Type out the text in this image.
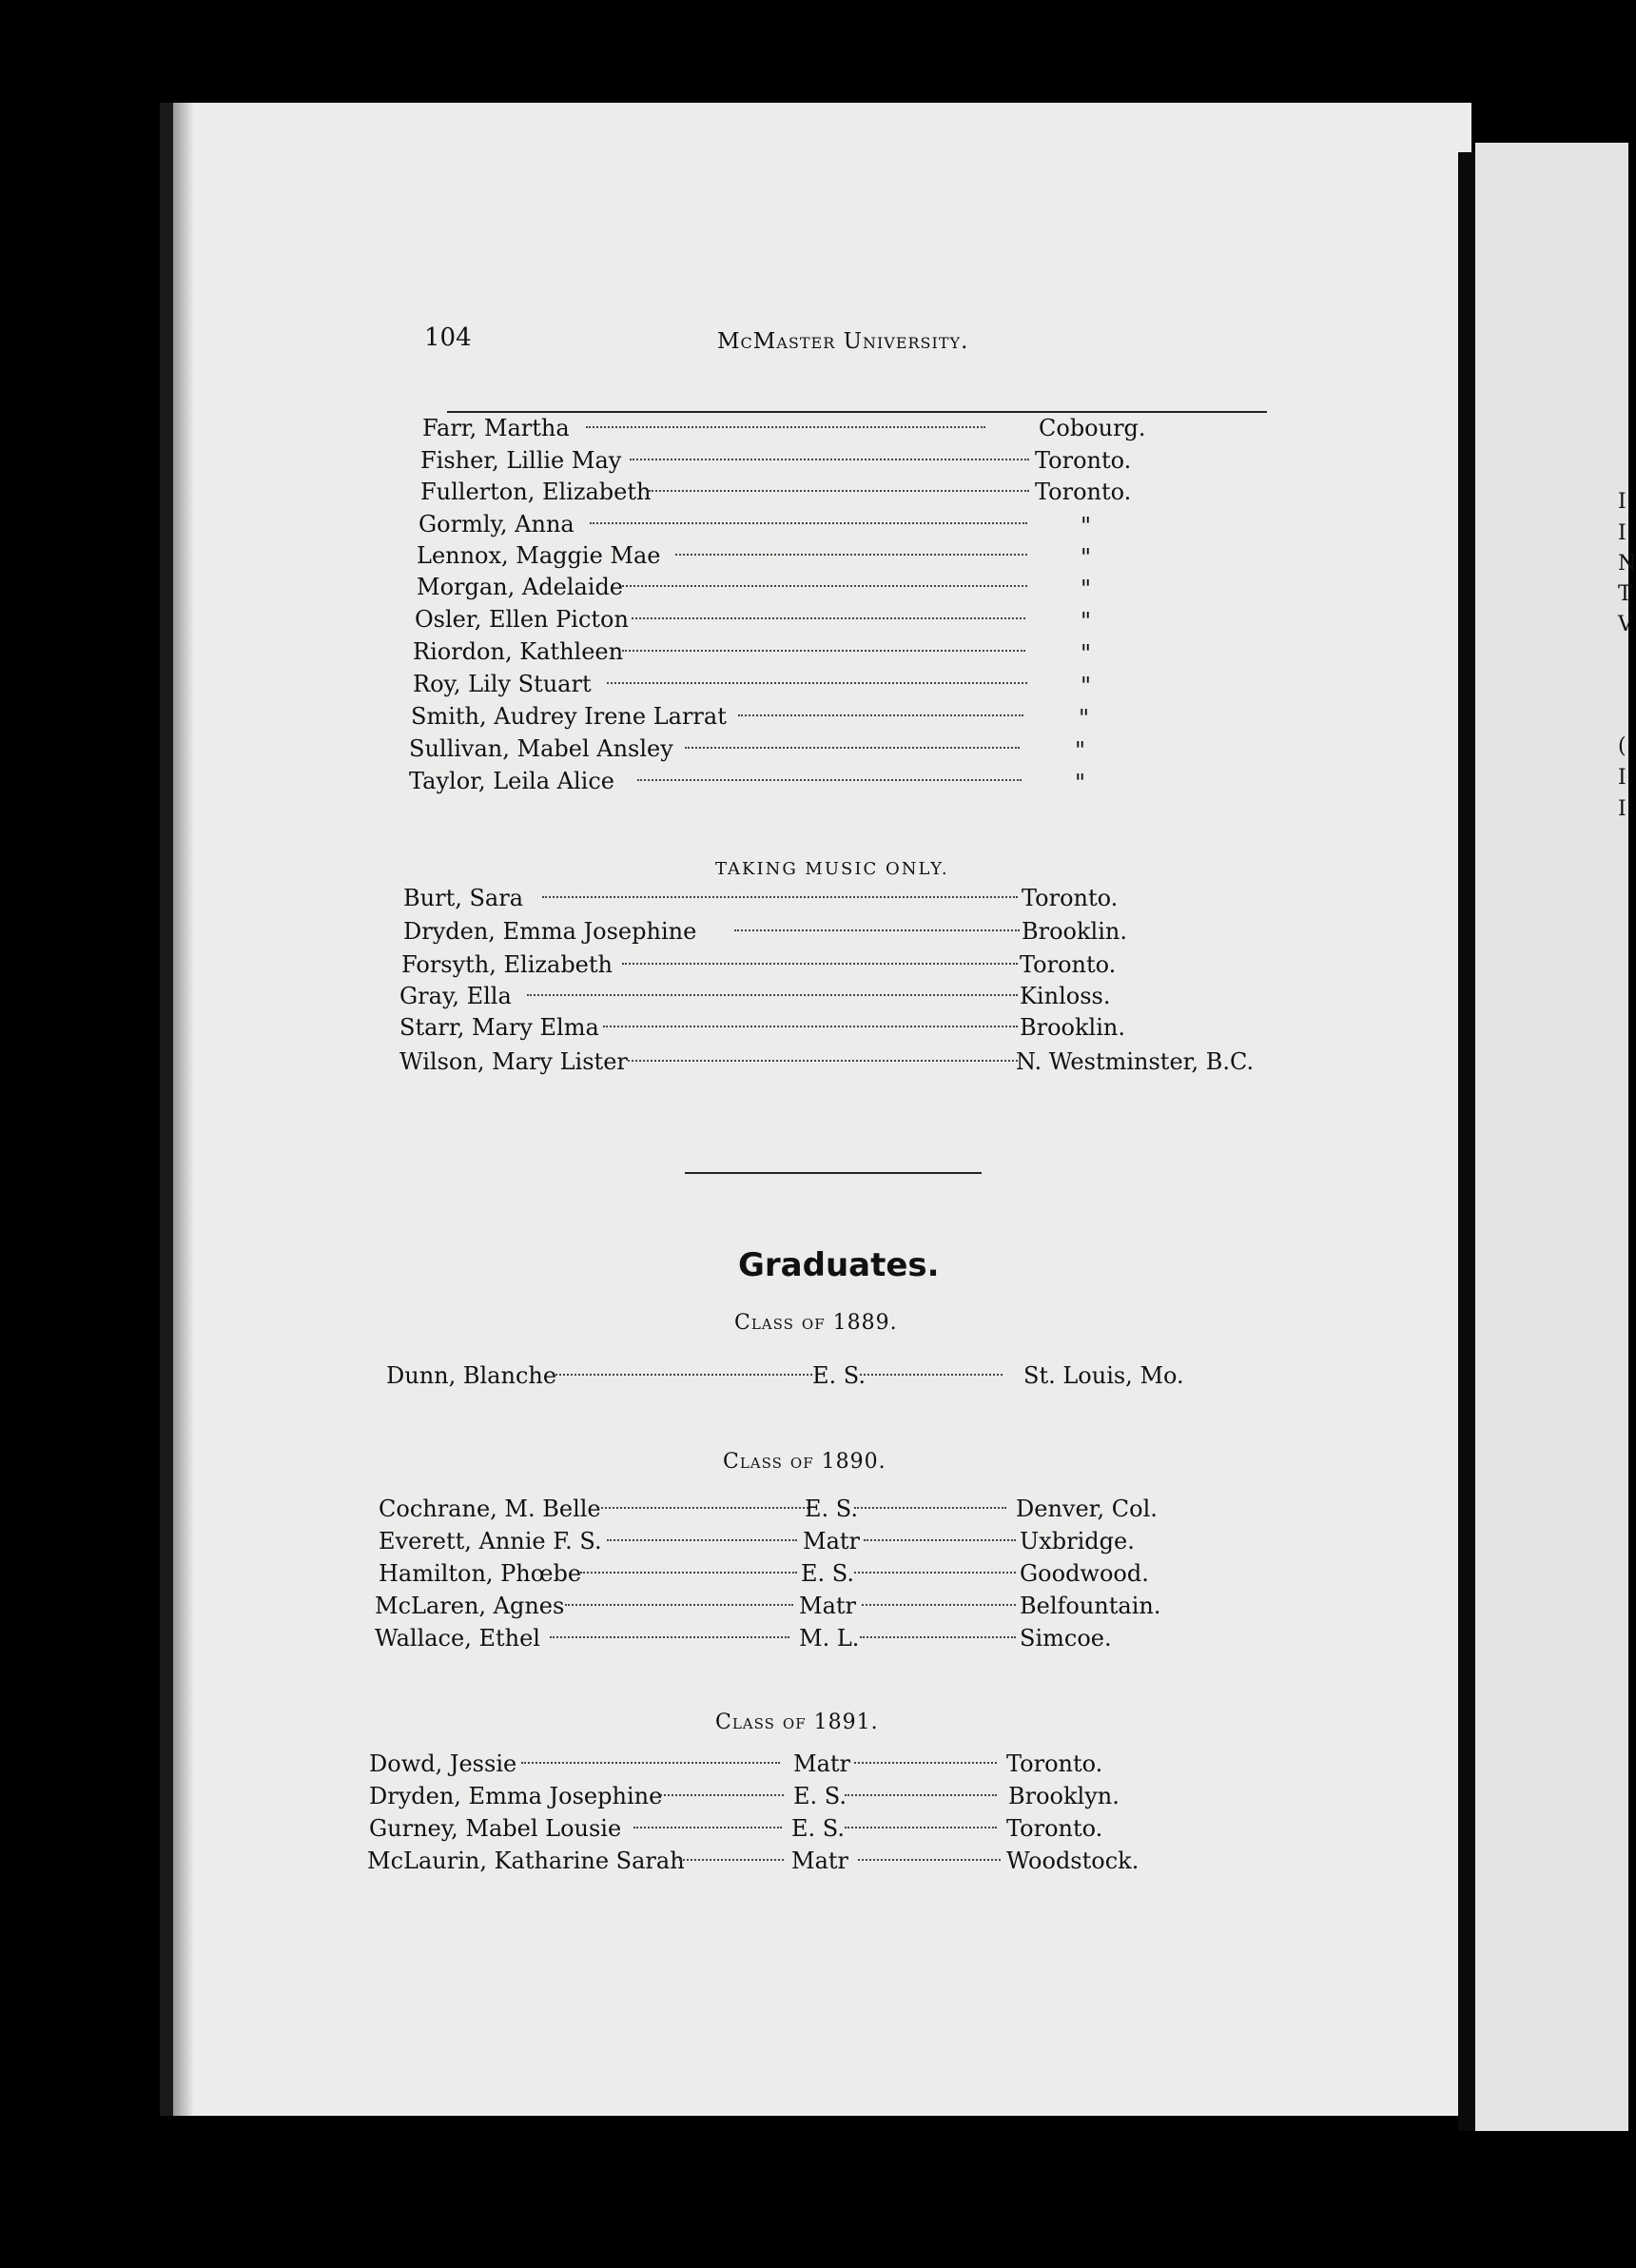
I
I
N
T
V
(
I
I
104	McMaster University.
Farr, Martha	Cobourg.
Fisher, Lillie May	Toronto.
Fullerton, Elizabeth	Toronto.
Gormly, Anna	"
Lennox, Maggie Mae	"
Morgan, Adelaide	"
Osler, Ellen Picton	"
Riordon, Kathleen	"
Roy, Lily Stuart	"
Smith, Audrey Irene Larrat	"
Sullivan, Mabel Ansley	"
Taylor, Leila Alice	"
TAKING MUSIC ONLY.
Burt, Sara	Toronto.
Dryden, Emma Josephine	Brooklin.
Forsyth, Elizabeth	Toronto.
Gray, Ella	Kinloss.
Starr, Mary Elma	Brooklin.
Wilson, Mary Lister	N. Westminster, B.C.
Graduates.
Class of 1889.
Dunn, Blanche	E. S.	St. Louis, Mo.
Class of 1890.
Cochrane, M. Belle	E. S.	Denver, Col.
Everett, Annie F. S.	Matr	Uxbridge.
Hamilton, Phœbe	E. S.	Goodwood.
McLaren, Agnes	Matr	Belfountain.
Wallace, Ethel	M. L.	Simcoe.
Class of 1891.
Dowd, Jessie	Matr	Toronto.
Dryden, Emma Josephine	E. S.	Brooklyn.
Gurney, Mabel Lousie	E. S.	Toronto.
McLaurin, Katharine Sarah	Matr	Woodstock.
